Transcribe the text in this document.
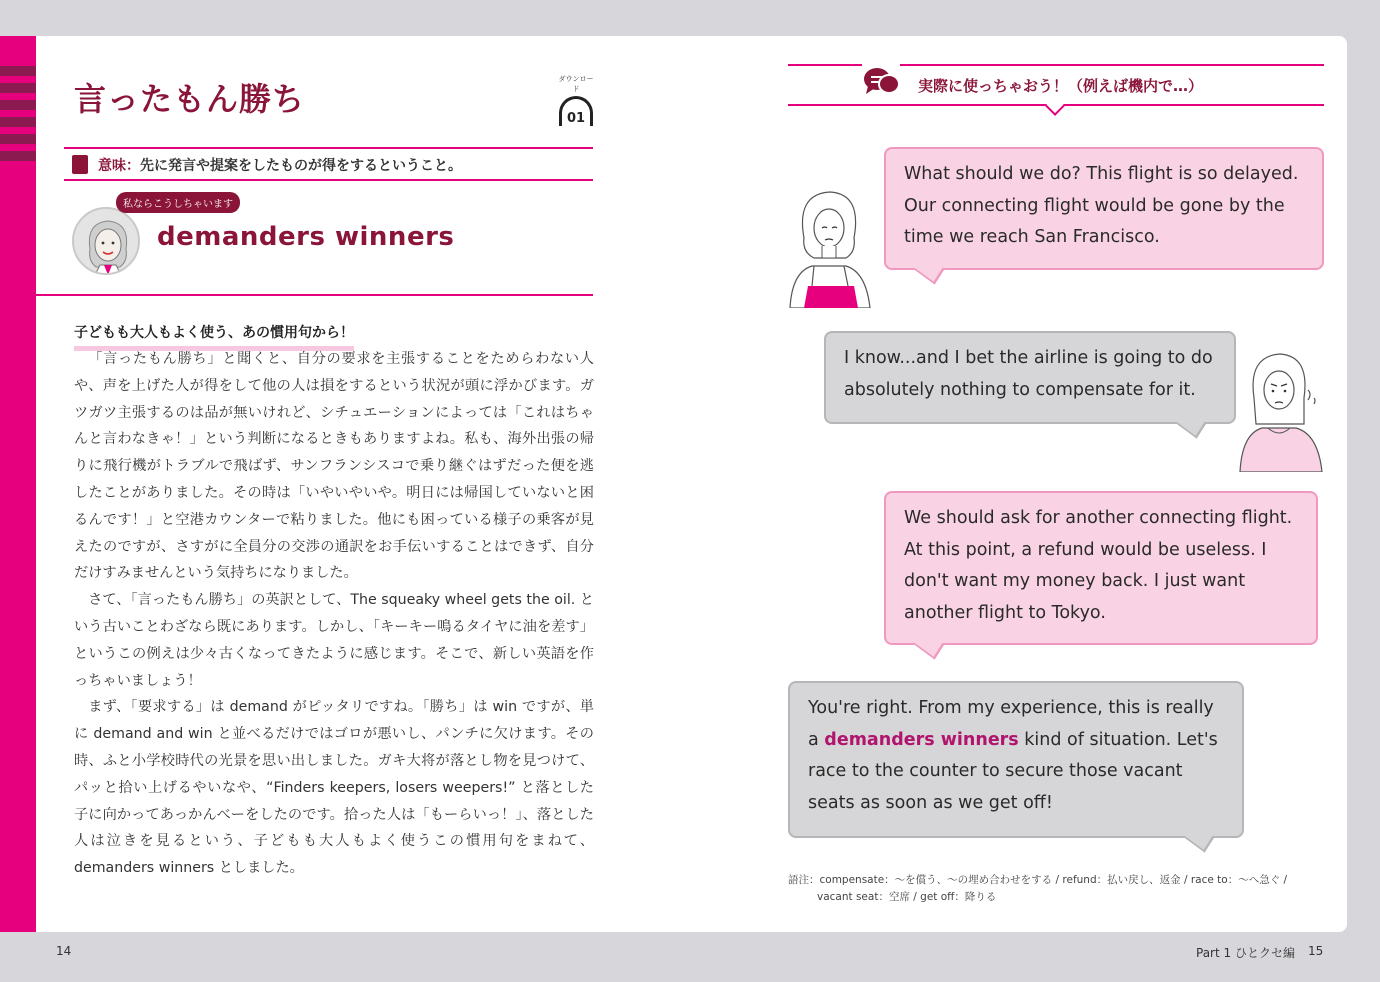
言ったもん勝ち
ダウンロード
01
意味：先に発言や提案をしたものが得をするということ。
私ならこうしちゃいます
demanders winners
子どもも大人もよく使う、あの慣用句から！

「言ったもん勝ち」と聞くと、自分の要求を主張することをためらわない人や、声を上げた人が得をして他の人は損をするという状況が頭に浮かびます。ガツガツ主張するのは品が無いけれど、シチュエーションによっては「これはちゃんと言わなきゃ！」という判断になるときもありますよね。私も、海外出張の帰りに飛行機がトラブルで飛ばず、サンフランシスコで乗り継ぐはずだった便を逃したことがありました。その時は「いやいやいや。明日には帰国していないと困るんです！」と空港カウンターで粘りました。他にも困っている様子の乗客が見えたのですが、さすがに全員分の交渉の通訳をお手伝いすることはできず、自分だけすみませんという気持ちになりました。

さて、「言ったもん勝ち」の英訳として、The squeaky wheel gets the oil. という古いことわざなら既にあります。しかし、「キーキー鳴るタイヤに油を差す」というこの例えは少々古くなってきたように感じます。そこで、新しい英語を作っちゃいましょう！

まず、「要求する」は demand がピッタリですね。「勝ち」は win ですが、単に demand and win と並べるだけではゴロが悪いし、パンチに欠けます。その時、ふと小学校時代の光景を思い出しました。ガキ大将が落とし物を見つけて、パッと拾い上げるやいなや、“Finders keepers, losers weepers!” と落とした子に向かってあっかんべーをしたのです。拾った人は「もーらいっ！」、落とした人は泣きを見るという、子どもも大人もよく使うこの慣用句をまねて、demanders winners としました。

14
実際に使っちゃおう！（例えば機内で…）
What should we do? This flight is so delayed. Our connecting flight would be gone by the time we reach San Francisco.
I know...and I bet the airline is going to do absolutely nothing to compensate for it.
We should ask for another connecting flight. At this point, a refund would be useless. I don't want my money back. I just want another flight to Tokyo.
You're right. From my experience, this is really a demanders winners kind of situation. Let's race to the counter to secure those vacant seats as soon as we get off!
語注：compensate：〜を償う、〜の埋め合わせをする / refund：払い戻し、返金 / race to：〜へ急ぐ /
vacant seat：空席 / get off：降りる
Part 1 ひとクセ編 15
